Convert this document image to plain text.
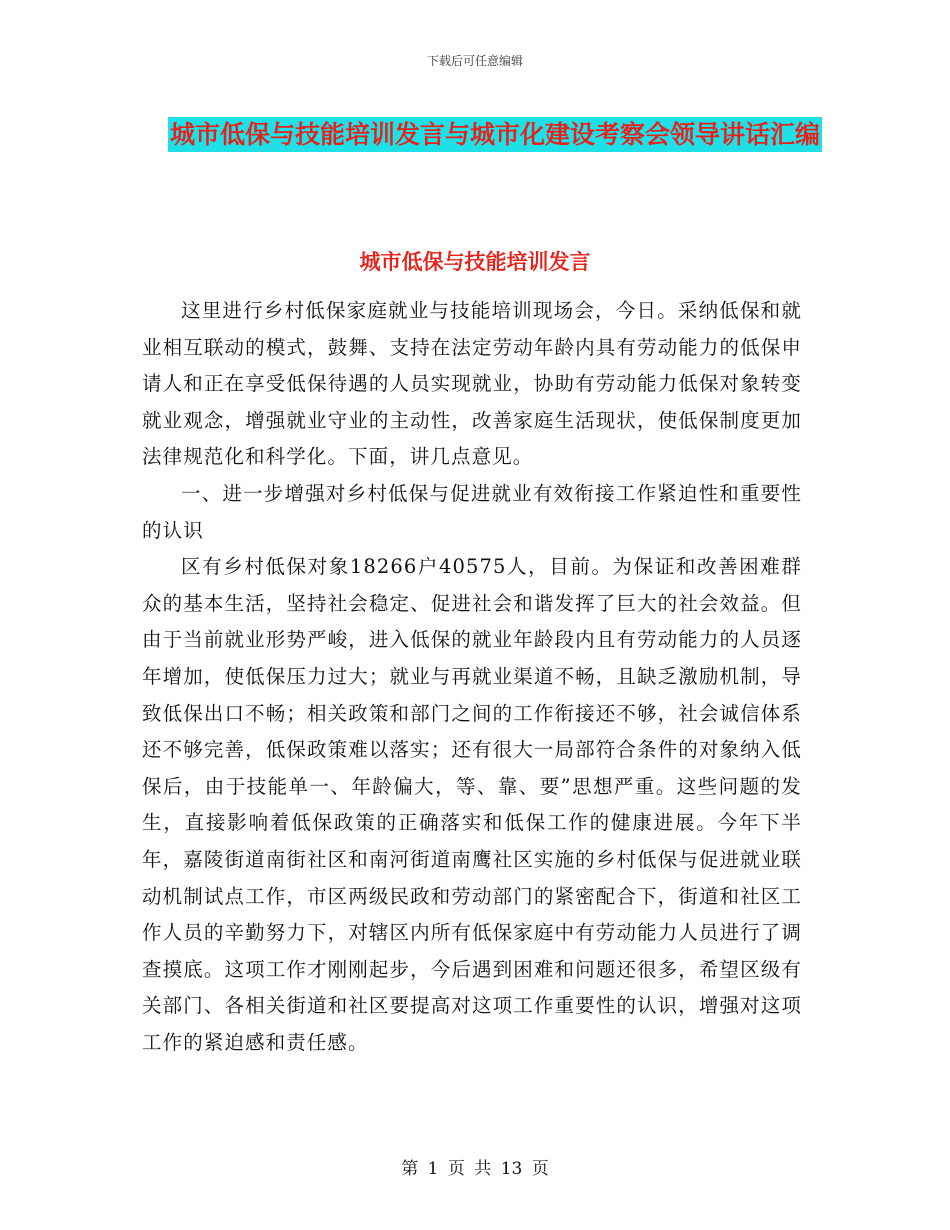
下载后可任意编辑
城市低保与技能培训发言与城市化建设考察会领导讲话汇编
城市低保与技能培训发言

这里进行乡村低保家庭就业与技能培训现场会，今日。采纳低保和就业相互联动的模式，鼓舞、支持在法定劳动年龄内具有劳动能力的低保申请人和正在享受低保待遇的人员实现就业，协助有劳动能力低保对象转变就业观念，增强就业守业的主动性，改善家庭生活现状，使低保制度更加法律规范化和科学化。下面，讲几点意见。

一、进一步增强对乡村低保与促进就业有效衔接工作紧迫性和重要性的认识

区有乡村低保对象18266户40575人，目前。为保证和改善困难群众的基本生活，坚持社会稳定、促进社会和谐发挥了巨大的社会效益。但由于当前就业形势严峻，进入低保的就业年龄段内且有劳动能力的人员逐年增加，使低保压力过大；就业与再就业渠道不畅，且缺乏激励机制，导致低保出口不畅；相关政策和部门之间的工作衔接还不够，社会诚信体系还不够完善，低保政策难以落实；还有很大一局部符合条件的对象纳入低保后，由于技能单一、年龄偏大，等、靠、要”思想严重。这些问题的发生，直接影响着低保政策的正确落实和低保工作的健康进展。今年下半年，嘉陵街道南街社区和南河街道南鹰社区实施的乡村低保与促进就业联动机制试点工作，市区两级民政和劳动部门的紧密配合下，街道和社区工作人员的辛勤努力下，对辖区内所有低保家庭中有劳动能力人员进行了调查摸底。这项工作才刚刚起步，今后遇到困难和问题还很多，希望区级有关部门、各相关街道和社区要提高对这项工作重要性的认识，增强对这项工作的紧迫感和责任感。

第 1 页 共 13 页
